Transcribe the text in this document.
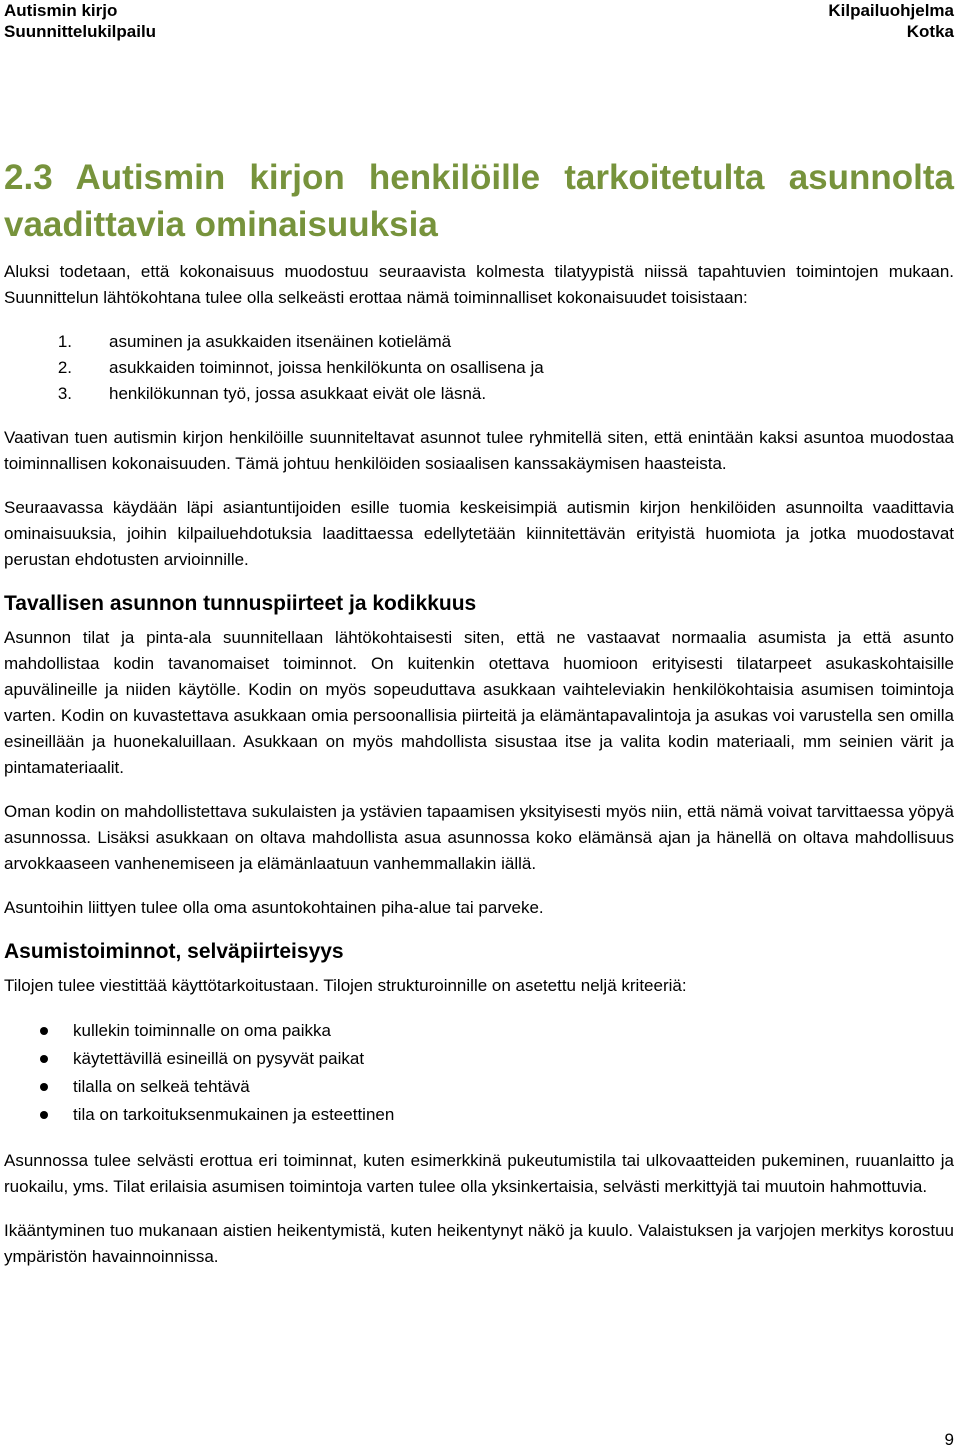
Autismin kirjo
Suunnittelukilpailu
Kilpailuohjelma
Kotka
2.3 Autismin kirjon henkilöille tarkoitetulta asunnolta
vaadittavia ominaisuuksia

Aluksi todetaan, että kokonaisuus muodostuu seuraavista kolmesta tilatyypistä niissä tapahtuvien toimintojen mukaan. Suunnittelun lähtökohtana tulee olla selkeästi erottaa nämä toiminnalliset kokonaisuudet toisistaan:

1. asuminen ja asukkaiden itsenäinen kotielämä
2. asukkaiden toiminnot, joissa henkilökunta on osallisena ja
3. henkilökunnan työ, jossa asukkaat eivät ole läsnä.

Vaativan tuen autismin kirjon henkilöille suunniteltavat asunnot tulee ryhmitellä siten, että enintään kaksi asuntoa muodostaa toiminnallisen kokonaisuuden. Tämä johtuu henkilöiden sosiaalisen kanssakäymisen haasteista.

Seuraavassa käydään läpi asiantuntijoiden esille tuomia keskeisimpiä autismin kirjon henkilöiden asunnoilta vaadittavia ominaisuuksia, joihin kilpailuehdotuksia laadittaessa edellytetään kiinnitettävän erityistä huomiota ja jotka muodostavat perustan ehdotusten arvioinnille.

Tavallisen asunnon tunnuspiirteet ja kodikkuus

Asunnon tilat ja pinta-ala suunnitellaan lähtökohtaisesti siten, että ne vastaavat normaalia asumista ja että asunto mahdollistaa kodin tavanomaiset toiminnot. On kuitenkin otettava huomioon erityisesti tilatarpeet asukaskohtaisille apuvälineille ja niiden käytölle. Kodin on myös sopeuduttava asukkaan vaihteleviakin henkilökohtaisia asumisen toimintoja varten. Kodin on kuvastettava asukkaan omia persoonallisia piirteitä ja elämäntapavalintoja ja asukas voi varustella sen omilla esineillään ja huonekaluillaan. Asukkaan on myös mahdollista sisustaa itse ja valita kodin materiaali, mm seinien värit ja pintamateriaalit.

Oman kodin on mahdollistettava sukulaisten ja ystävien tapaamisen yksityisesti myös niin, että nämä voivat tarvittaessa yöpyä asunnossa. Lisäksi asukkaan on oltava mahdollista asua asunnossa koko elämänsä ajan ja hänellä on oltava mahdollisuus arvokkaaseen vanhenemiseen ja elämänlaatuun vanhemmallakin iällä.

Asuntoihin liittyen tulee olla oma asuntokohtainen piha-alue tai parveke.

Asumistoiminnot, selväpiirteisyys

Tilojen tulee viestittää käyttötarkoitustaan. Tilojen strukturoinnille on asetettu neljä kriteeriä:

kullekin toiminnalle on oma paikka
käytettävillä esineillä on pysyvät paikat
tilalla on selkeä tehtävä
tila on tarkoituksenmukainen ja esteettinen

Asunnossa tulee selvästi erottua eri toiminnat, kuten esimerkkinä pukeutumistila tai ulkovaatteiden pukeminen, ruuanlaitto ja ruokailu, yms. Tilat erilaisia asumisen toimintoja varten tulee olla yksinkertaisia, selvästi merkittyjä tai muutoin hahmottuvia.

Ikääntyminen tuo mukanaan aistien heikentymistä, kuten heikentynyt näkö ja kuulo. Valaistuksen ja varjojen merkitys korostuu ympäristön havainnoinnissa.

9
